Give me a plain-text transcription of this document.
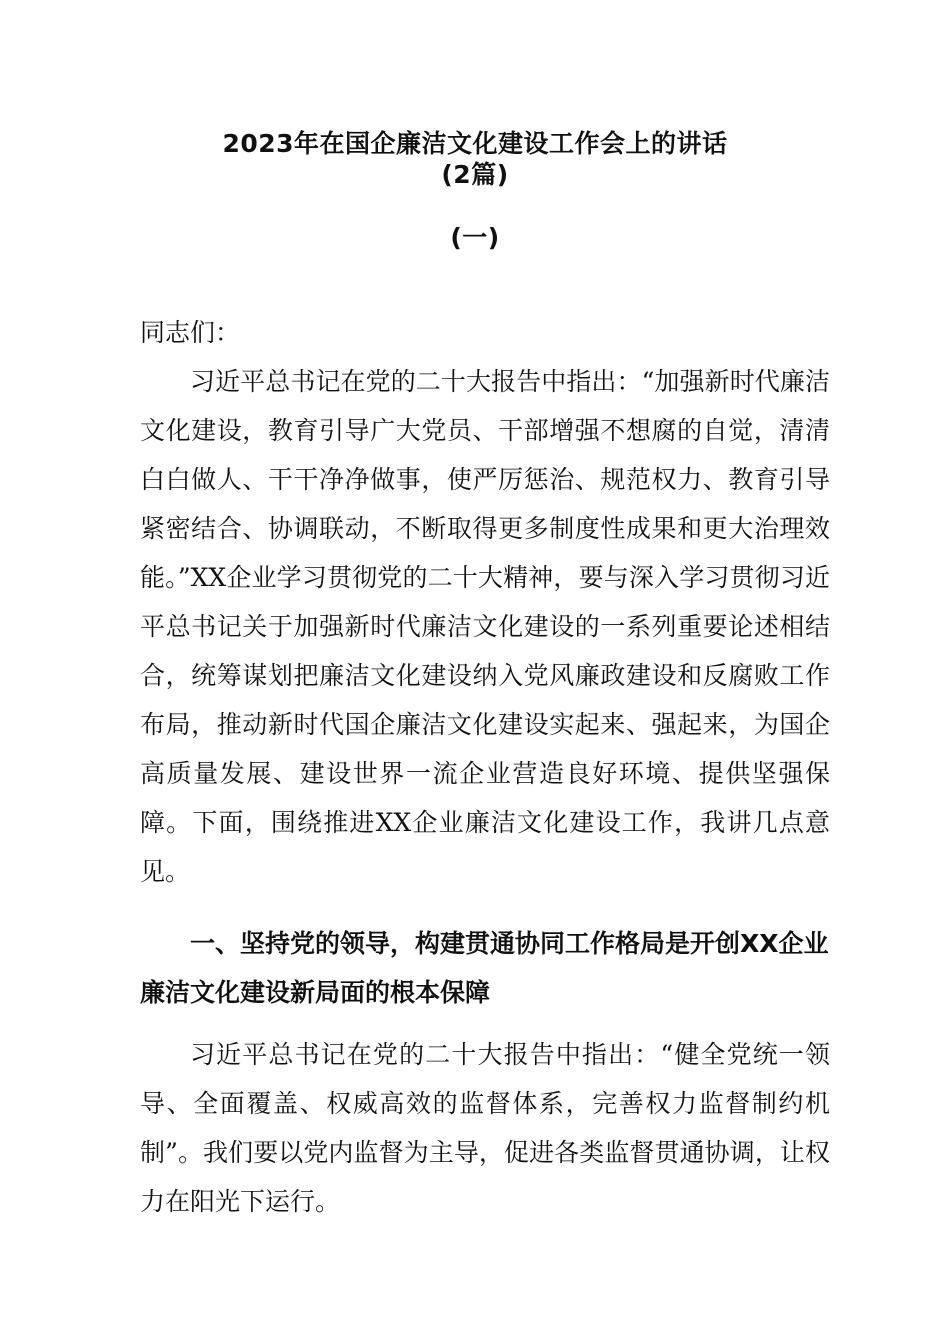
2023年在国企廉洁文化建设工作会上的讲话
(2篇)
(一)
同志们：

习近平总书记在党的二十大报告中指出：“加强新时代廉洁文化建设，教育引导广大党员、干部增强不想腐的自觉，清清白白做人、干干净净做事，使严厉惩治、规范权力、教育引导紧密结合、协调联动，不断取得更多制度性成果和更大治理效能。”XX企业学习贯彻党的二十大精神，要与深入学习贯彻习近平总书记关于加强新时代廉洁文化建设的一系列重要论述相结合，统筹谋划把廉洁文化建设纳入党风廉政建设和反腐败工作布局，推动新时代国企廉洁文化建设实起来、强起来，为国企高质量发展、建设世界一流企业营造良好环境、提供坚强保障。下面，围绕推进XX企业廉洁文化建设工作，我讲几点意见。

一、坚持党的领导，构建贯通协同工作格局是开创XX企业廉洁文化建设新局面的根本保障

习近平总书记在党的二十大报告中指出：“健全党统一领导、全面覆盖、权威高效的监督体系，完善权力监督制约机制”。我们要以党内监督为主导，促进各类监督贯通协调，让权力在阳光下运行。
